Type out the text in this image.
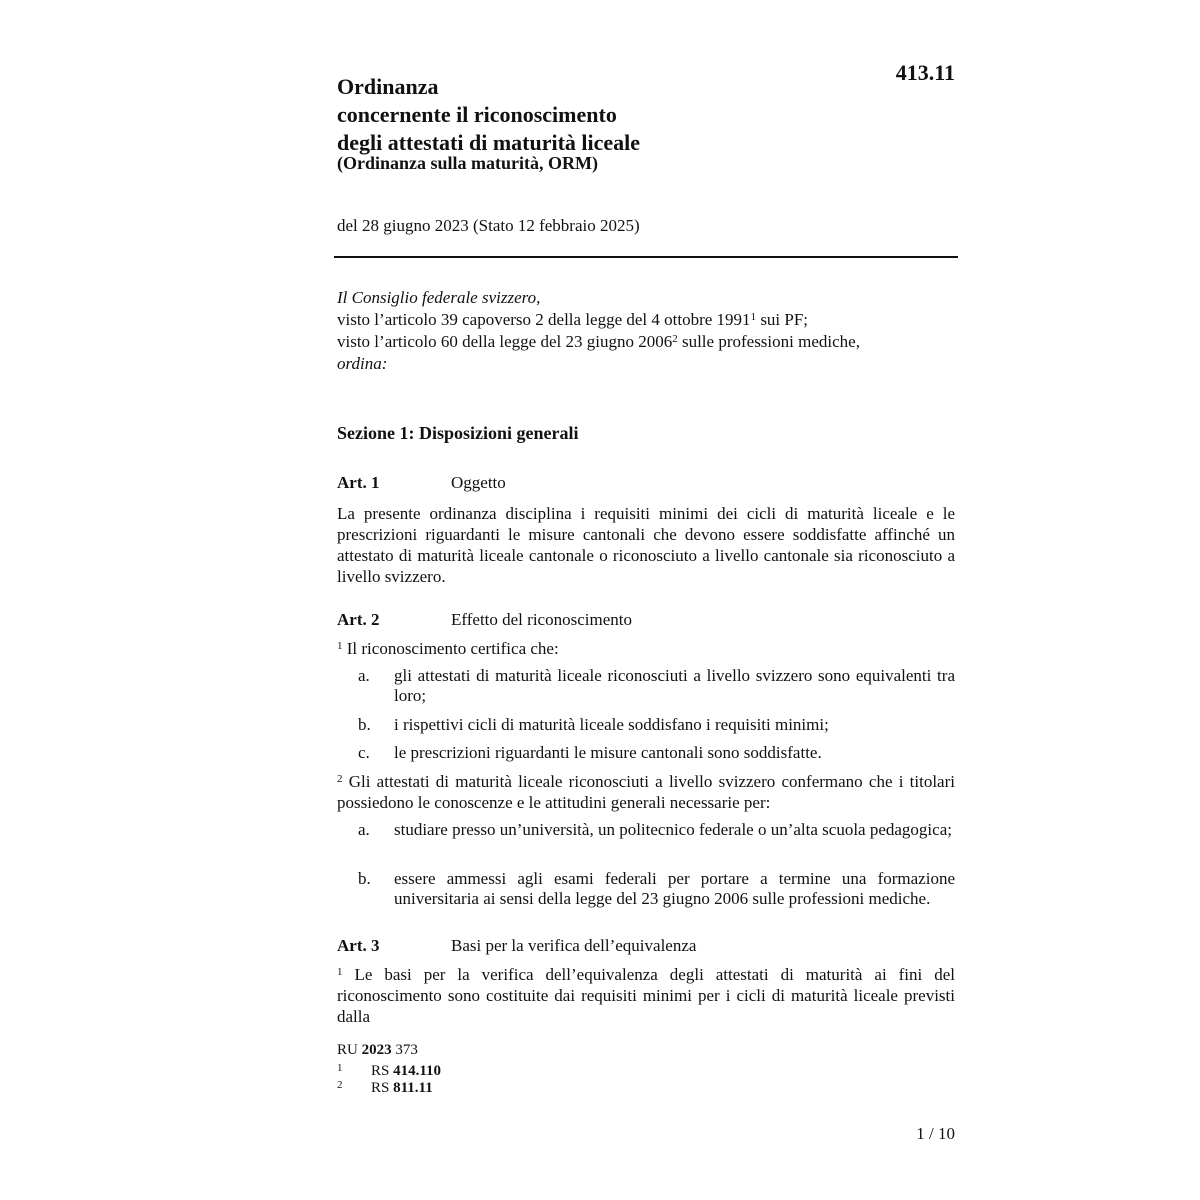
413.11
Ordinanza
concernente il riconoscimento
degli attestati di maturità liceale
(Ordinanza sulla maturità, ORM)
del 28 giugno 2023 (Stato 12 febbraio 2025)
Il Consiglio federale svizzero,
visto l’articolo 39 capoverso 2 della legge del 4 ottobre 1991$^1$ sui PF;
visto l’articolo 60 della legge del 23 giugno 2006$^2$ sulle professioni mediche,
ordina:
Sezione 1: Disposizioni generali
Art. 1	Oggetto
La presente ordinanza disciplina i requisiti minimi dei cicli di maturità liceale e le prescrizioni riguardanti le misure cantonali che devono essere soddisfatte affinché un attestato di maturità liceale cantonale o riconosciuto a livello cantonale sia riconosciuto a livello svizzero.
Art. 2	Effetto del riconoscimento
$^1$ Il riconoscimento certifica che:
a. gli attestati di maturità liceale riconosciuti a livello svizzero sono equivalenti tra loro;
b. i rispettivi cicli di maturità liceale soddisfano i requisiti minimi;
c. le prescrizioni riguardanti le misure cantonali sono soddisfatte.
$^2$ Gli attestati di maturità liceale riconosciuti a livello svizzero confermano che i titolari possiedono le conoscenze e le attitudini generali necessarie per:
a. studiare presso un’università, un politecnico federale o un’alta scuola pedagogica;
b. essere ammessi agli esami federali per portare a termine una formazione universitaria ai sensi della legge del 23 giugno 2006 sulle professioni mediche.
Art. 3	Basi per la verifica dell’equivalenza
$^1$ Le basi per la verifica dell’equivalenza degli attestati di maturità ai fini del riconoscimento sono costituite dai requisiti minimi per i cicli di maturità liceale previsti dalla
RU 2023 373
1 RS 414.110
2 RS 811.11
1 / 10
